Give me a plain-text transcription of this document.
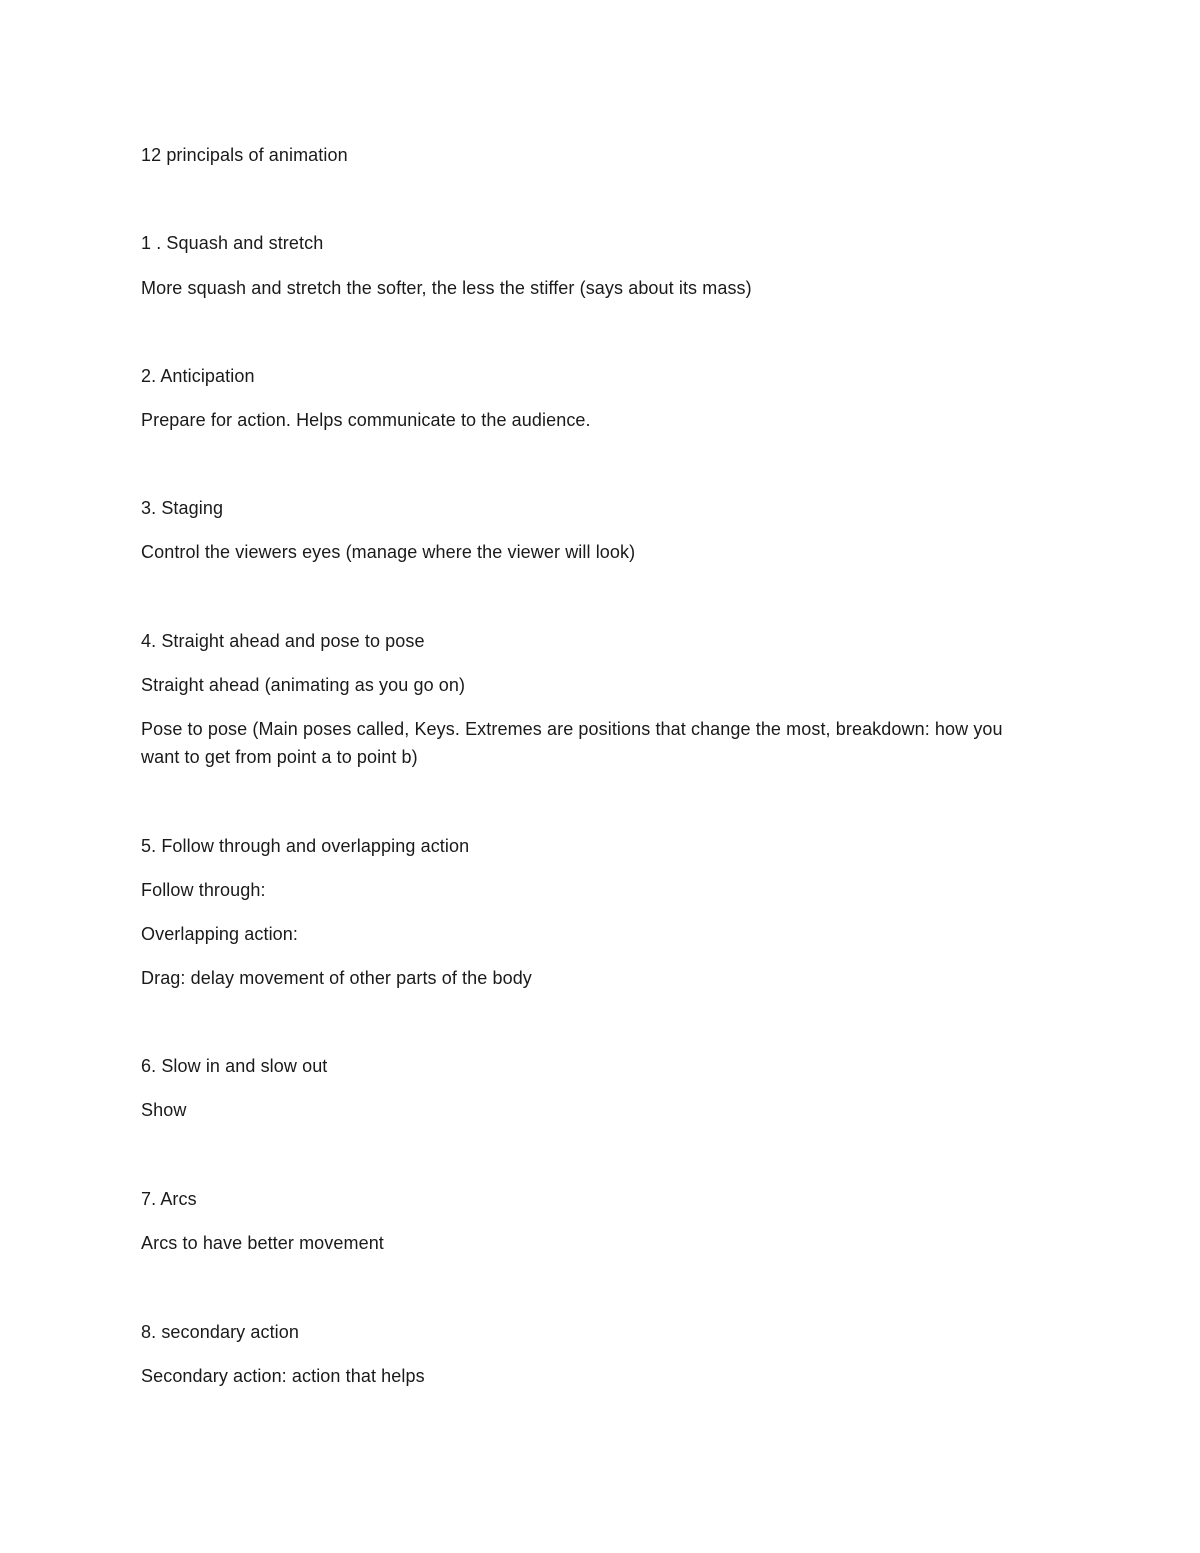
12 principals of animation
1 . Squash and stretch
More squash and stretch the softer, the less the stiffer (says about its mass)
2. Anticipation
Prepare for action. Helps communicate to the audience.
3. Staging
Control the viewers eyes (manage where the viewer will look)
4. Straight ahead and pose to pose
Straight ahead (animating as you go on)
Pose to pose (Main poses called, Keys. Extremes are positions that change the most, breakdown: how you want to get from point a to point b)
5. Follow through and overlapping action
Follow through:
Overlapping action:
Drag: delay movement of other parts of the body
6. Slow in and slow out
Show
7. Arcs
Arcs to have better movement
8. secondary action
Secondary action: action that helps
